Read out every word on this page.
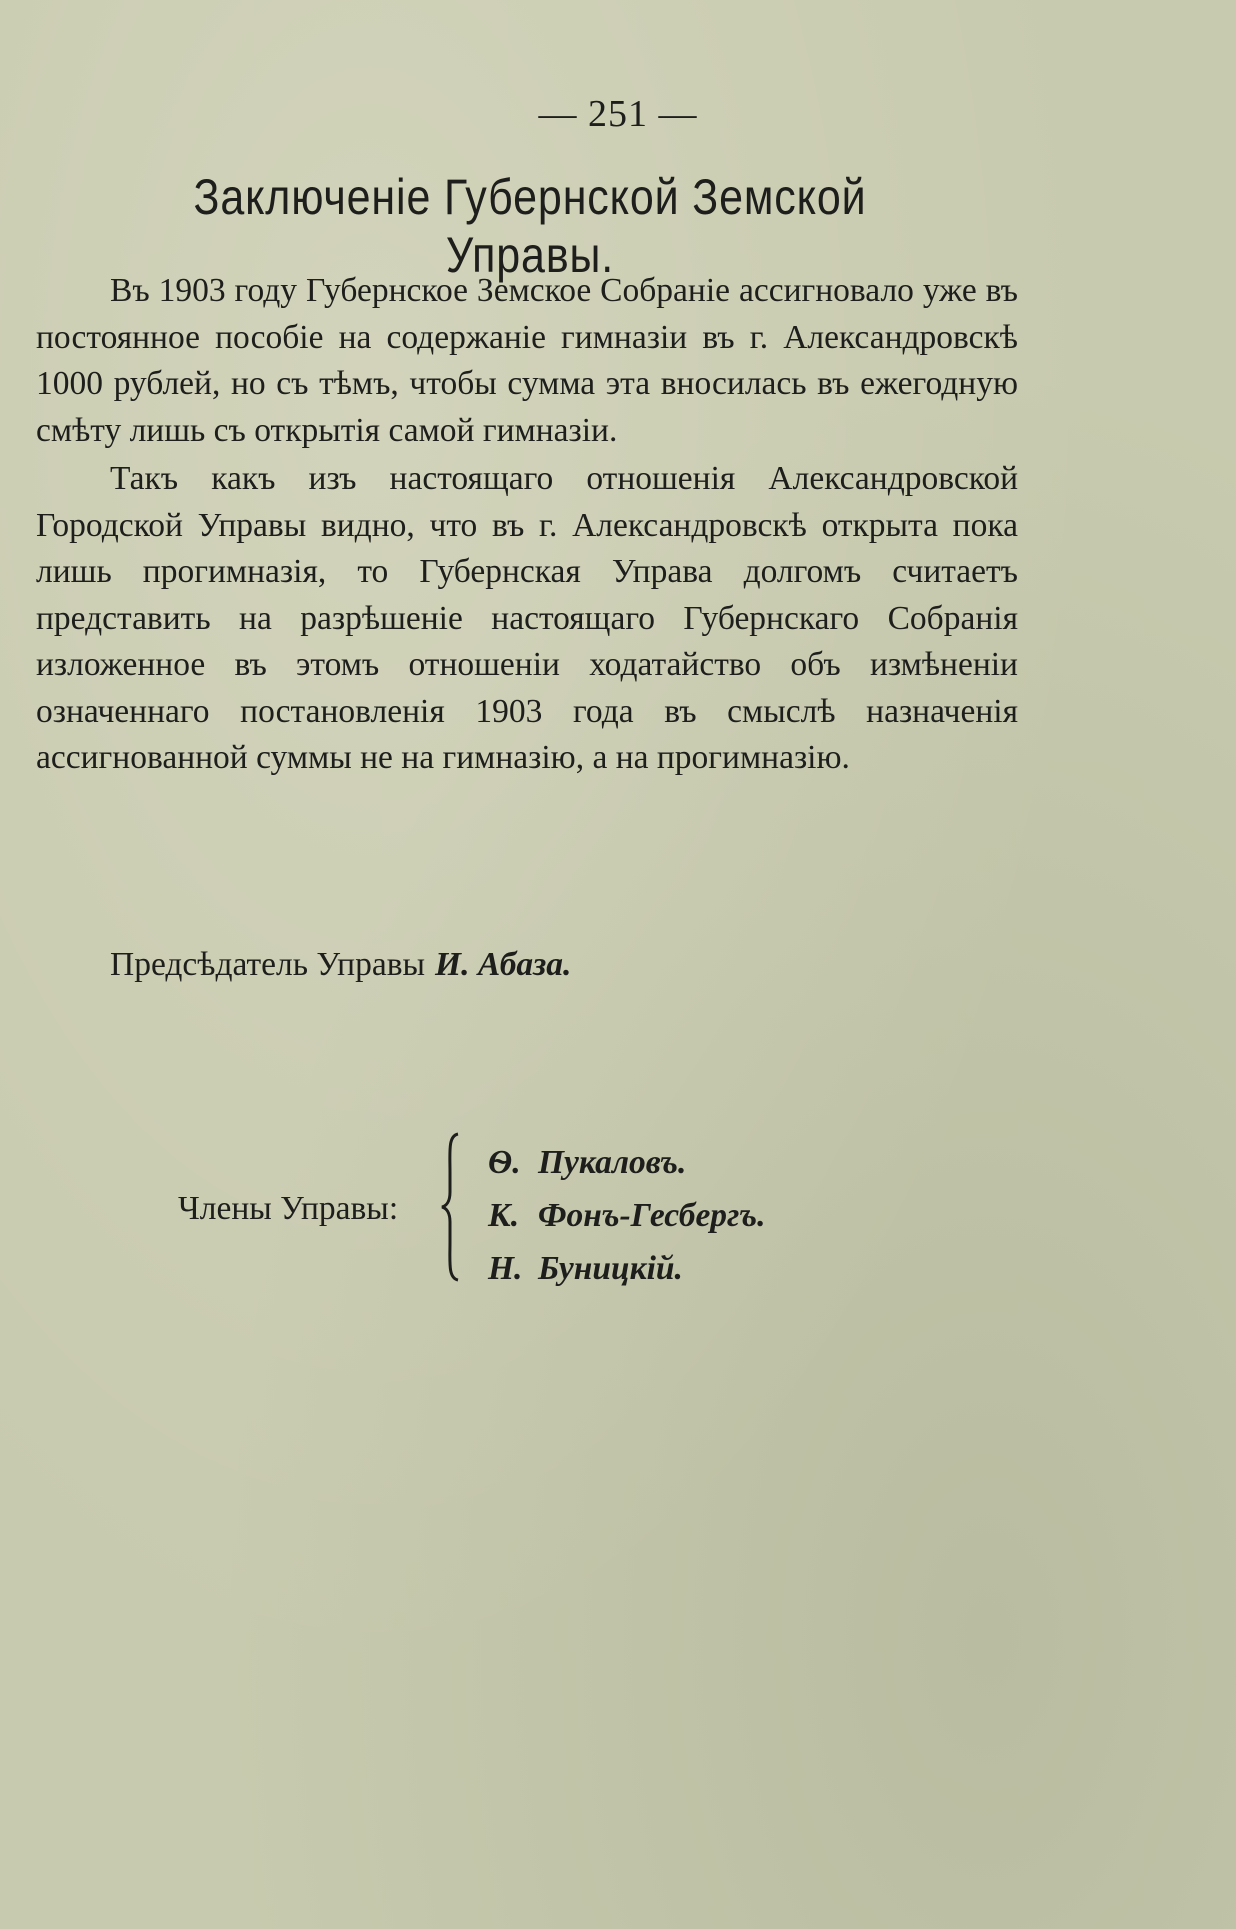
— 251 —
Заключеніе Губернской Земской Управы.

Въ 1903 году Губернское Земское Собраніе ассигновало уже въ постоянное пособіе на содержаніе гимназіи въ г. Александровскѣ 1000 рублей, но съ тѣмъ, чтобы сумма эта вносилась въ ежегодную смѣту лишь съ открытія самой гимназіи.

Такъ какъ изъ настоящаго отношенія Александровской Городской Управы видно, что въ г. Александровскѣ открыта пока лишь прогимназія, то Губернская Управа долгомъ считаетъ представить на разрѣшеніе настоящаго Губернскаго Собранія изложенное въ этомъ отношеніи ходатайство объ измѣненіи означеннаго постановленія 1903 года въ смыслѣ назначенія ассигнованной суммы не на гимназію, а на прогимназію.

Предсѣдатель Управы И. Абаза.
Члены Управы:
Ѳ. Пукаловъ.
К. Фонъ-Гесбергъ.
Н. Буницкій.
